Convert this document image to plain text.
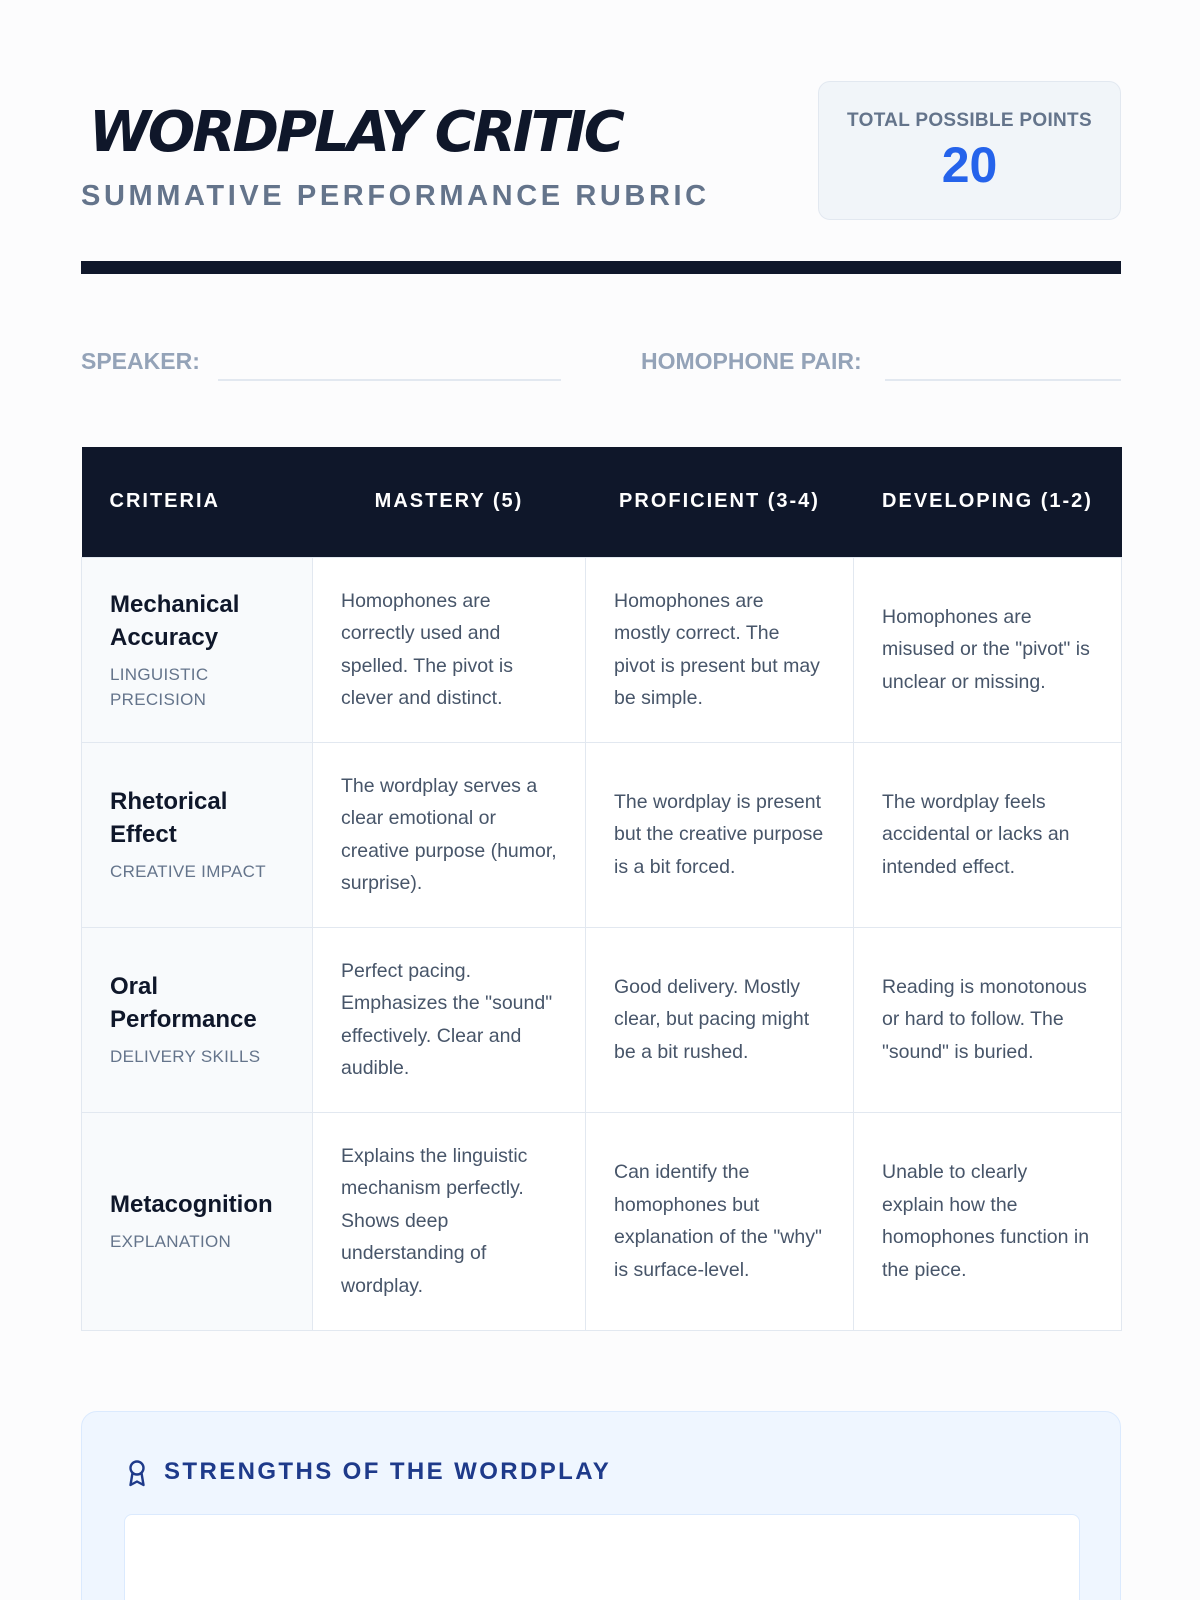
WORDPLAY CRITIC
SUMMATIVE PERFORMANCE RUBRIC
TOTAL POSSIBLE POINTS
20
SPEAKER:	HOMOPHONE PAIR:
CRITERIA	MASTERY (5)	PROFICIENT (3-4)	DEVELOPING (1-2)

Mechanical Accuracy
LINGUISTIC PRECISION	Homophones are correctly used and spelled. The pivot is clever and distinct.	Homophones are mostly correct. The pivot is present but may be simple.	Homophones are misused or the "pivot" is unclear or missing.

Rhetorical Effect
CREATIVE IMPACT	The wordplay serves a clear emotional or creative purpose (humor, surprise).	The wordplay is present but the creative purpose is a bit forced.	The wordplay feels accidental or lacks an intended effect.

Oral Performance
DELIVERY SKILLS	Perfect pacing. Emphasizes the "sound" effectively. Clear and audible.	Good delivery. Mostly clear, but pacing might be a bit rushed.	Reading is monotonous or hard to follow. The "sound" is buried.

Metacognition
EXPLANATION	Explains the linguistic mechanism perfectly. Shows deep understanding of wordplay.	Can identify the homophones but explanation of the "why" is surface-level.	Unable to clearly explain how the homophones function in the piece.
STRENGTHS OF THE WORDPLAY
